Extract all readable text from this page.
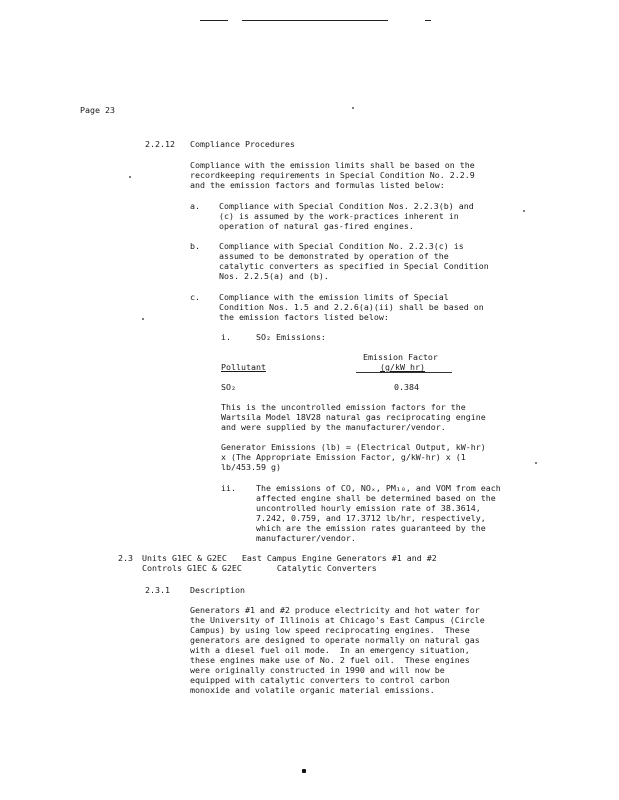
Page 23
2.2.12 Compliance Procedures
Compliance with the emission limits shall be based on the
recordkeeping requirements in Special Condition No. 2.2.9
and the emission factors and formulas listed below:
a. Compliance with Special Condition Nos. 2.2.3(b) and
(c) is assumed by the work-practices inherent in
operation of natural gas-fired engines.
b. Compliance with Special Condition No. 2.2.3(c) is
assumed to be demonstrated by operation of the
catalytic converters as specified in Special Condition
Nos. 2.2.5(a) and (b).
c. Compliance with the emission limits of Special
Condition Nos. 1.5 and 2.2.6(a)(ii) shall be based on
the emission factors listed below:
i.	SO₂ Emissions:
Emission Factor
Pollutant	(g/kW hr)
SO₂	0.384
This is the uncontrolled emission factors for the
Wartsila Model 18V28 natural gas reciprocating engine
and were supplied by the manufacturer/vendor.
Generator Emissions (lb) = (Electrical Output, kW-hr)
x (The Appropriate Emission Factor, g/kW-hr) x (1
lb/453.59 g)
ii. The emissions of CO, NOₓ, PM₁₀, and VOM from each
affected engine shall be determined based on the
uncontrolled hourly emission rate of 38.3614,
7.242, 0.759, and 17.3712 lb/hr, respectively,
which are the emission rates guaranteed by the
manufacturer/vendor.
2.3 Units G1EC & G2EC   East Campus Engine Generators #1 and #2
Controls G1EC & G2EC       Catalytic Converters
2.3.1 Description
Generators #1 and #2 produce electricity and hot water for
the University of Illinois at Chicago's East Campus (Circle
Campus) by using low speed reciprocating engines.  These
generators are designed to operate normally on natural gas
with a diesel fuel oil mode.  In an emergency situation,
these engines make use of No. 2 fuel oil.  These engines
were originally constructed in 1990 and will now be
equipped with catalytic converters to control carbon
monoxide and volatile organic material emissions.
